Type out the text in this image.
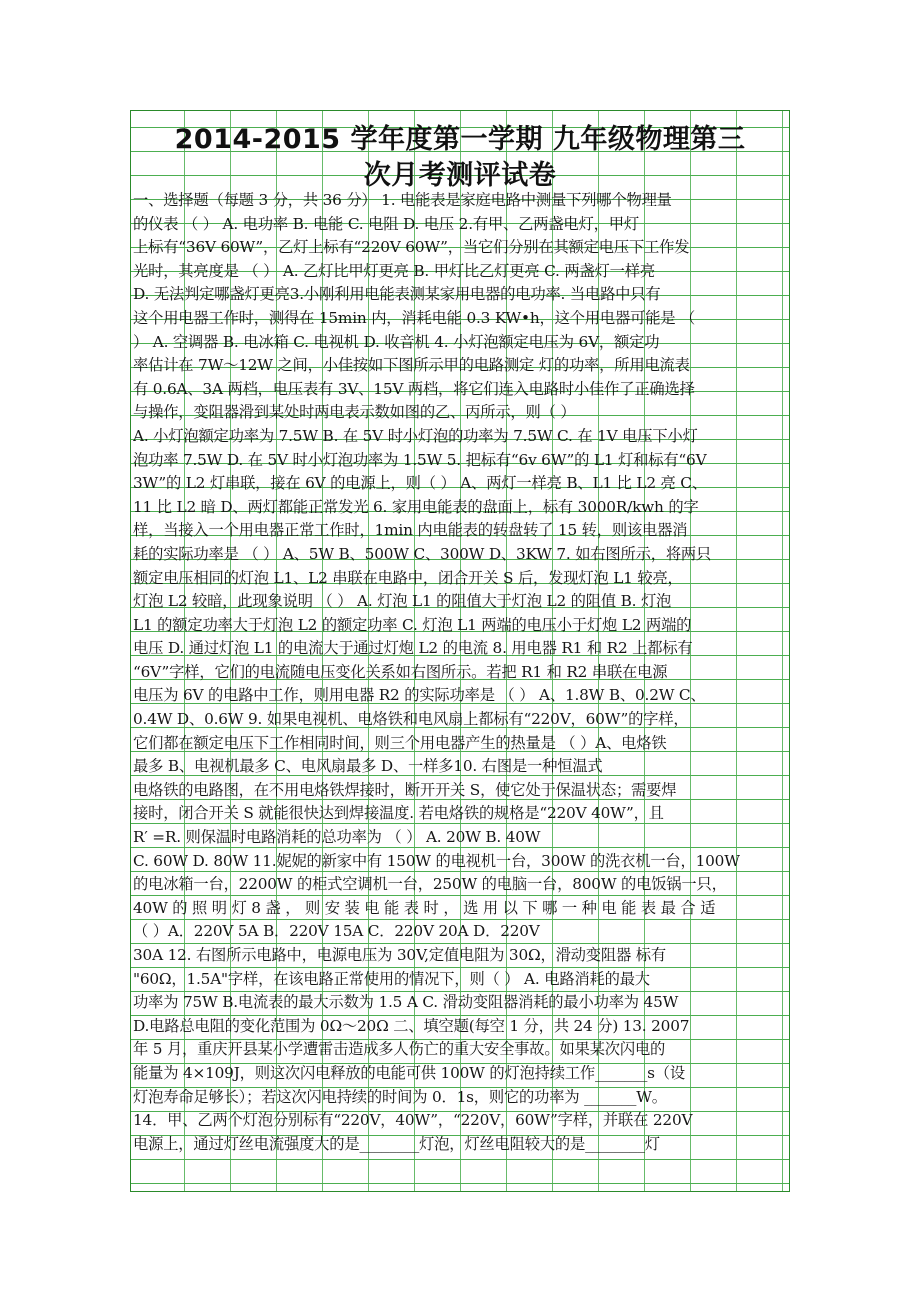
2014-2015 学年度第一学期 九年级物理第三
次月考测评试卷
一、选择题（每题 3 分，共 36 分） 1. 电能表是家庭电路中测量下列哪个物理量
的仪表 （ ） A. 电功率 B. 电能 C. 电阻 D. 电压 2.有甲、乙两盏电灯，甲灯
上标有“36V 60W”，乙灯上标有“220V 60W”，当它们分别在其额定电压下工作发
光时，其亮度是 （ ） A. 乙灯比甲灯更亮 B. 甲灯比乙灯更亮 C. 两盏灯一样亮
D. 无法判定哪盏灯更亮3.小刚利用电能表测某家用电器的电功率. 当电路中只有
这个用电器工作时，测得在 15min 内，消耗电能 0.3 KW•h，这个用电器可能是 （
） A. 空调器 B. 电冰箱 C. 电视机 D. 收音机 4. 小灯泡额定电压为 6V，额定功
率估计在 7W～12W 之间，小佳按如下图所示甲的电路测定 灯的功率，所用电流表
有 0.6A、3A 两档，电压表有 3V、15V 两档，将它们连入电路时小佳作了正确选择
与操作，变阻器滑到某处时两电表示数如图的乙、丙所示，则（ ）
A. 小灯泡额定功率为 7.5W B. 在 5V 时小灯泡的功率为 7.5W C. 在 1V 电压下小灯
泡功率 7.5W D. 在 5V 时小灯泡功率为 1.5W 5. 把标有“6v 6W”的 L1 灯和标有“6V
3W”的 L2 灯串联，接在 6V 的电源上，则（ ） A、两灯一样亮 B、L1 比 L2 亮 C、
11 比 L2 暗 D、两灯都能正常发光 6. 家用电能表的盘面上，标有 3000R/kwh 的字
样，当接入一个用电器正常工作时，1min 内电能表的转盘转了 15 转，则该电器消
耗的实际功率是 （ ） A、5W B、500W C、300W D、3KW 7. 如右图所示，将两只
额定电压相同的灯泡 L1、L2 串联在电路中，闭合开关 S 后，发现灯泡 L1 较亮，
灯泡 L2 较暗，此现象说明 （ ） A. 灯泡 L1 的阻值大于灯泡 L2 的阻值 B. 灯泡
L1 的额定功率大于灯泡 L2 的额定功率 C. 灯泡 L1 两端的电压小于灯炮 L2 两端的
电压 D. 通过灯泡 L1 的电流大于通过灯炮 L2 的电流 8. 用电器 R1 和 R2 上都标有
“6V”字样，它们的电流随电压变化关系如右图所示。若把 R1 和 R2 串联在电源
电压为 6V 的电路中工作，则用电器 R2 的实际功率是 （ ） A、1.8W B、0.2W C、
0.4W D、0.6W 9. 如果电视机、电烙铁和电风扇上都标有“220V，60W”的字样，
它们都在额定电压下工作相同时间，则三个用电器产生的热量是 （ ）A、电烙铁
最多 B、电视机最多 C、电风扇最多 D、一样多10. 右图是一种恒温式
电烙铁的电路图，在不用电烙铁焊接时，断开开关 S，使它处于保温状态；需要焊
接时，闭合开关 S 就能很快达到焊接温度. 若电烙铁的规格是“220V 40W”，且
R′ =R. 则保温时电路消耗的总功率为 （ ） A. 20W B. 40W
C. 60W D. 80W 11.妮妮的新家中有 150W 的电视机一台，300W 的洗衣机一台，100W
的电冰箱一台，2200W 的柜式空调机一台，250W 的电脑一台，800W 的电饭锅一只，
40W 的 照 明 灯 8 盏 ， 则 安 装 电 能 表 时 ， 选 用 以 下 哪 一 种 电 能 表 最 合 适
（ ）A．220V 5A B．220V 15A C．220V 20A D．220V
30A 12. 右图所示电路中，电源电压为 30V,定值电阻为 30Ω，滑动变阻器 标有
"60Ω，1.5A"字样，在该电路正常使用的情况下，则（ ） A. 电路消耗的最大
功率为 75W B.电流表的最大示数为 1.5 A C. 滑动变阻器消耗的最小功率为 45W
D.电路总电阻的变化范围为 0Ω～20Ω 二、填空题(每空 1 分，共 24 分) 13. 2007
年 5 月，重庆开县某小学遭雷击造成多人伤亡的重大安全事故。如果某次闪电的
能量为 4×109J，则这次闪电释放的电能可供 100W 的灯泡持续工作_______s（设
灯泡寿命足够长）；若这次闪电持续的时间为 0．1s，则它的功率为 _______W。
14．甲、乙两个灯泡分别标有“220V，40W”，“220V，60W”字样，并联在 220V
电源上，通过灯丝电流强度大的是________灯泡，灯丝电阻较大的是________灯
